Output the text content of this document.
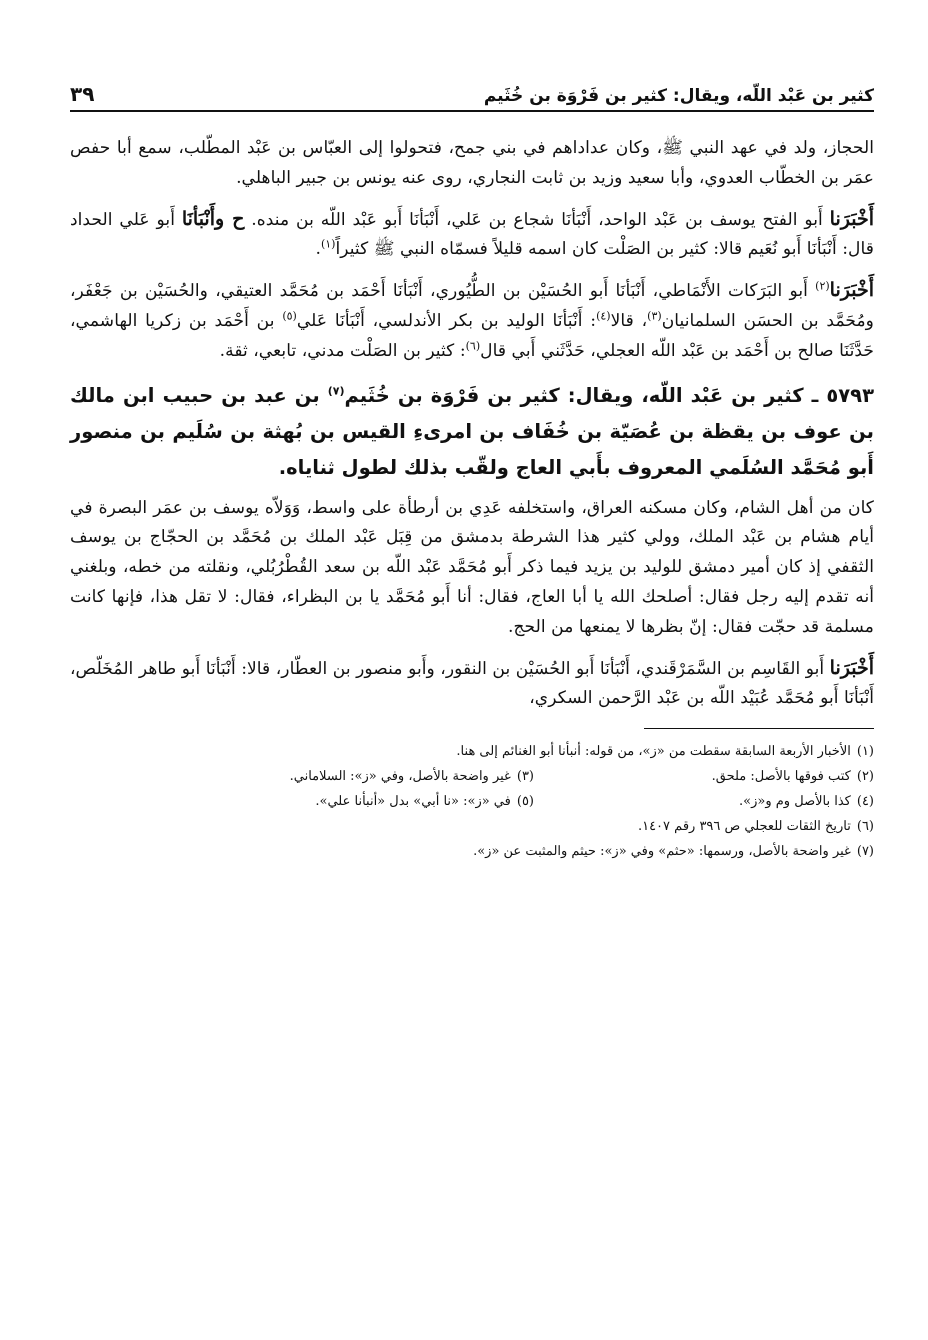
كثير بن عَبْد اللّه، ويقال: كثير بن فَرْوَة بن خُثَيم
٣٩

الحجاز، ولد في عهد النبي ﷺ، وكان عداداهم في بني جمح، فتحولوا إلى العبّاس بن عَبْد المطّلب، سمع أبا حفص عمَر بن الخطّاب العدوي، وأبا سعيد وزيد بن ثابت النجاري، روى عنه يونس بن جبير الباهلي.

أَخْبَرَنا أَبو الفتح يوسف بن عَبْد الواحد، أَنْبَأنَا شجاع بن عَلي، أَنْبَأنَا أَبو عَبْد اللّه بن منده. ح وأَنْبَأنَا أَبو عَلي الحداد قال: أَنْبَأنَا أَبو نُعَيم قالا: كثير بن الصَلْت كان اسمه قليلاً فسمّاه النبي ﷺ كثيراً$^{(١)}$.

أَخْبَرَنا$^{(٢)}$ أَبو البَرَكات الأَنْمَاطي، أَنْبَأنَا أَبو الحُسَيْن بن الطُّيُوري، أَنْبَأنَا أَحْمَد بن مُحَمَّد العتيقي، والحُسَيْن بن جَعْفَر، ومُحَمَّد بن الحسَن السلمانيان$^{(٣)}$، قالا$^{(٤)}$: أَنْبَأنَا الوليد بن بكر الأندلسي، أَنْبَأنَا عَلي$^{(٥)}$ بن أَحْمَد بن زكريا الهاشمي، حَدَّثَنَا صالح بن أَحْمَد بن عَبْد اللّه العجلي، حَدَّثَني أَبي قال$^{(٦)}$: كثير بن الصَلْت مدني، تابعي، ثقة.

٥٧٩٣ ـ كثير بن عَبْد اللّه، ويقال: كثير بن فَرْوَة بن خُثَيم$^{(٧)}$ بن عبد بن حبيب ابن مالك بن عوف بن يقظة بن عُصَيّة بن خُفَاف بن امرىءِ القيس بن بُهثة بن سُلَيم بن منصور أَبو مُحَمَّد السُلَمي المعروف بأَبي العاج ولقّب بذلك لطول ثناياه.

كان من أهل الشام، وكان مسكنه العراق، واستخلفه عَدِي بن أرطأة على واسط، وَوَلاّه يوسف بن عمَر البصرة في أيام هشام بن عَبْد الملك، وولي كثير هذا الشرطة بدمشق من قِبَل عَبْد الملك بن مُحَمَّد بن الحجّاج بن يوسف الثقفي إذ كان أمير دمشق للوليد بن يزيد فيما ذكر أَبو مُحَمَّد عَبْد اللّه بن سعد القُطْرُبُلي، ونقلته من خطه، وبلغني أنه تقدم إليه رجل فقال: أصلحك الله يا أبا العاج، فقال: أنا أَبو مُحَمَّد يا بن البظراء، فقال: لا تقل هذا، فإنها كانت مسلمة قد حجّت فقال: إنّ بظرها لا يمنعها من الحج.

أَخْبَرَنا أَبو القَاسِم بن السَّمَرْقَندي، أَنْبَأنَا أَبو الحُسَيْن بن النقور، وأَبو منصور بن العطّار، قالا: أَنْبَأنَا أَبو طاهر المُخَلّص، أَنْبَأنَا أَبو مُحَمَّد عُبَيْد اللّه بن عَبْد الرَّحمن السكري،

(١)
الأخبار الأربعة السابقة سقطت من «ز»، من قوله: أنبأنا أبو الغنائم إلى هنا.
(٢)
كتب فوقها بالأصل: ملحق.
(٣)
غير واضحة بالأصل، وفي «ز»: السلاماني.
(٤)
كذا بالأصل وم و«ز».
(٥)
في «ز»: «نا أبي» بدل «أنبأنا علي».
(٦)
تاريخ الثقات للعجلي ص ٣٩٦ رقم ١٤٠٧.
(٧)
غير واضحة بالأصل، ورسمها: «حثم» وفي «ز»: حيثم والمثبت عن «ز».
